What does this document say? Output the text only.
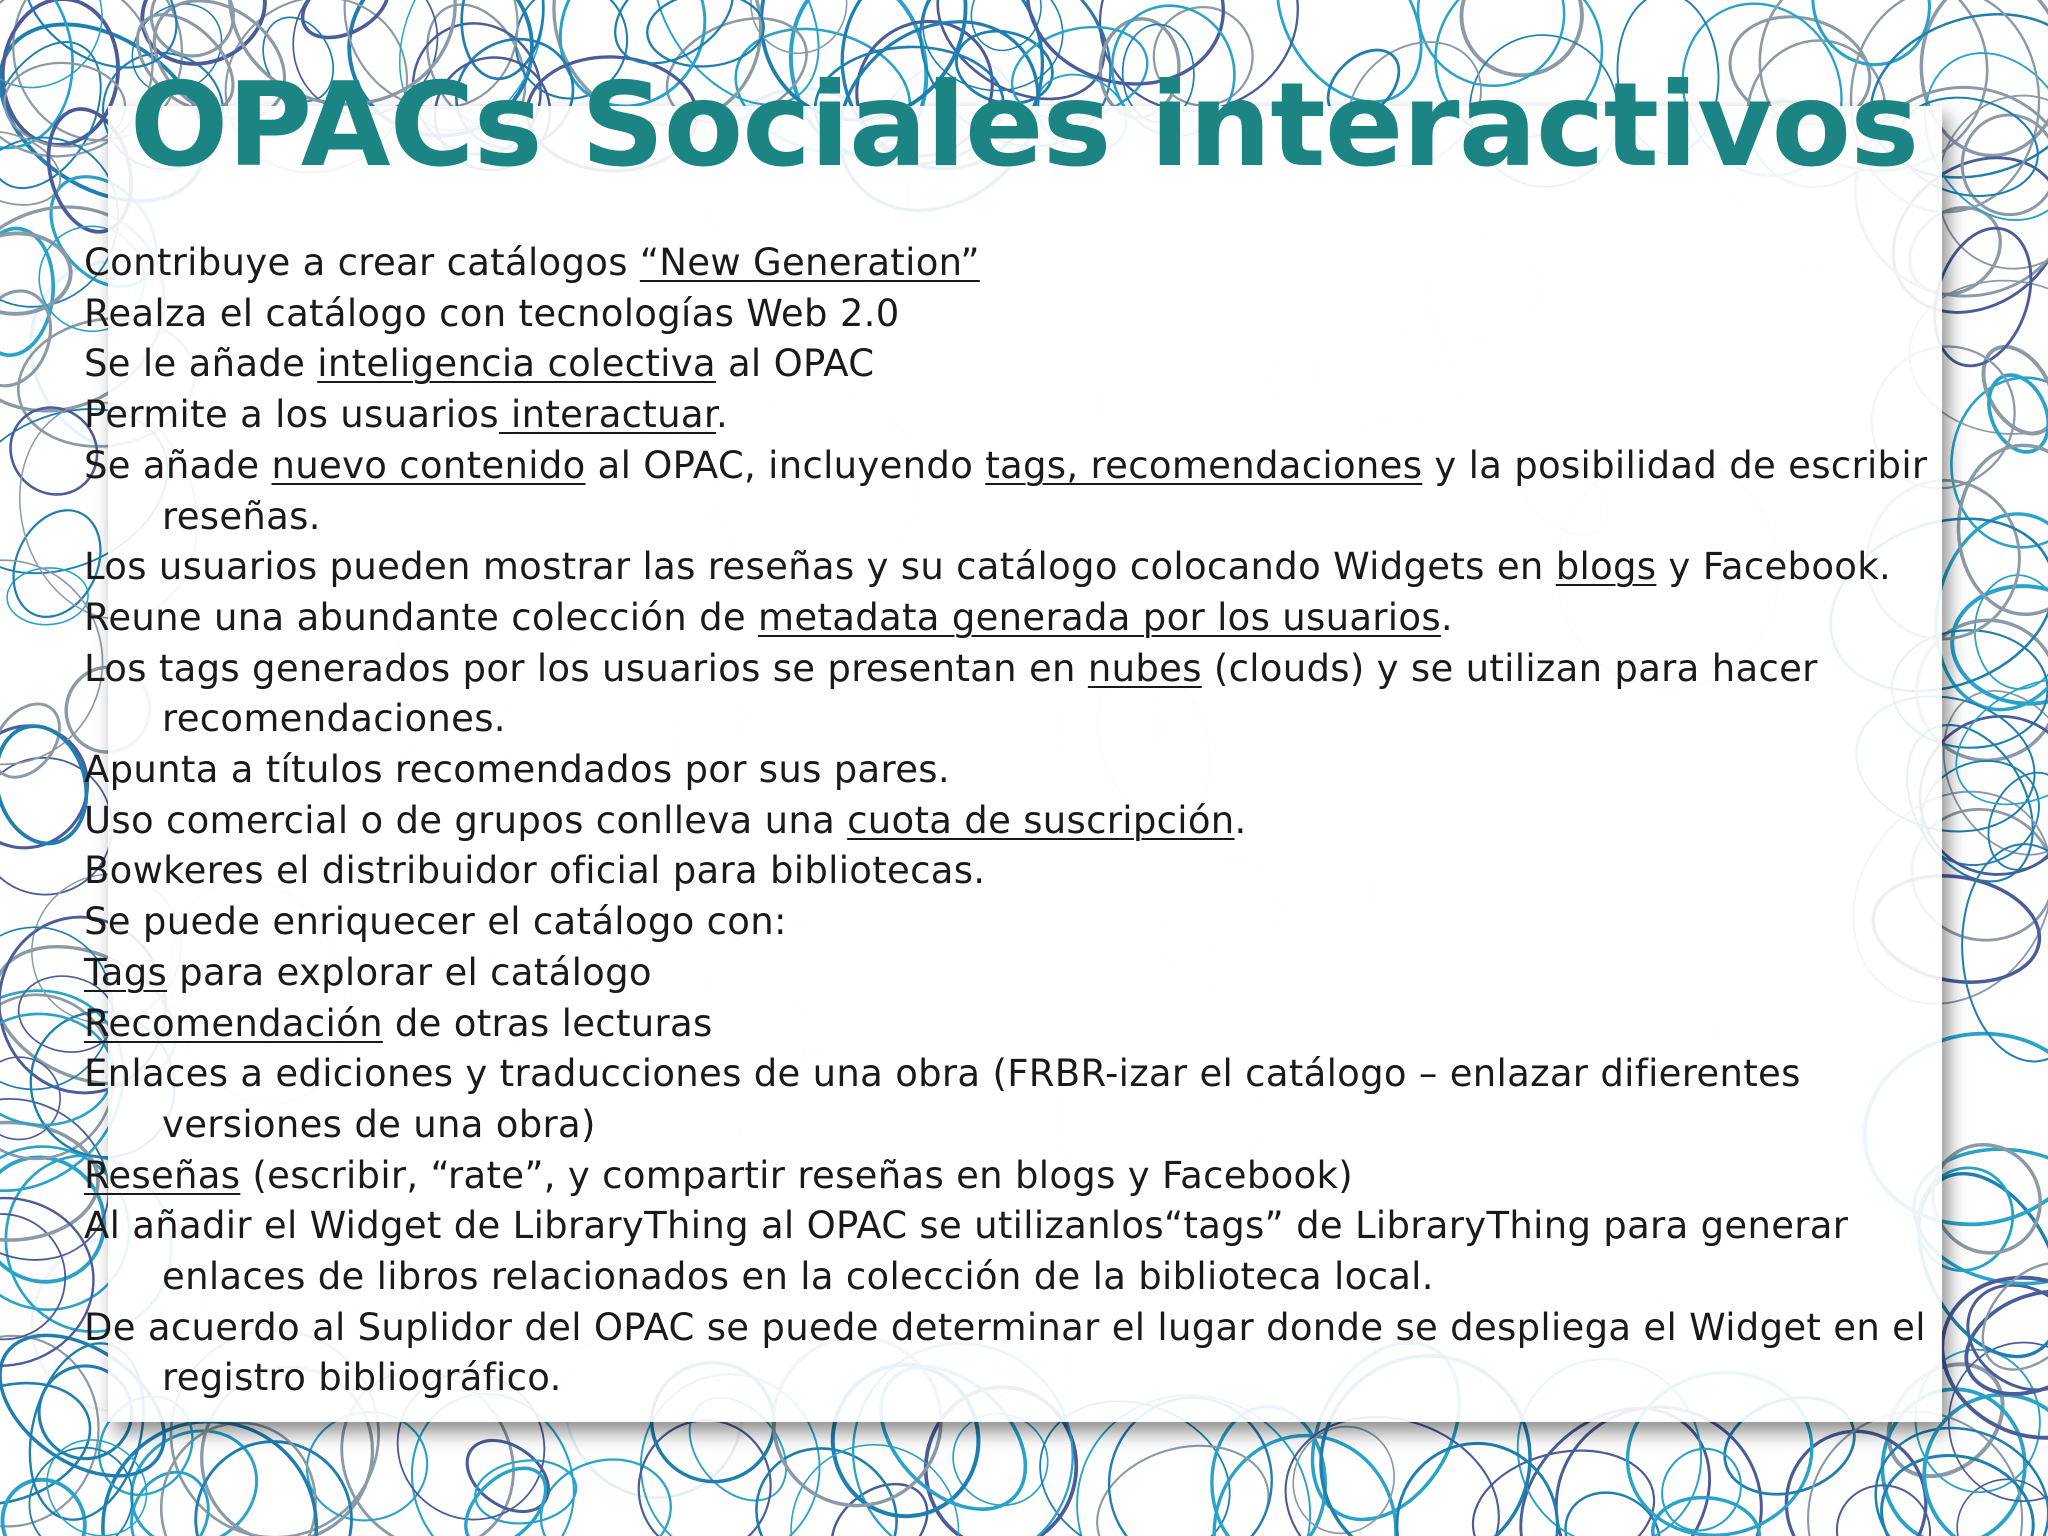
OPACs Sociales interactivos
Contribuye a crear catálogos “New Generation”
Realza el catálogo con tecnologías Web 2.0
Se le añade inteligencia colectiva al OPAC
Permite a los usuarios interactuar.
Se añade nuevo contenido al OPAC, incluyendo tags, recomendaciones y la posibilidad de escribir reseñas.
Los usuarios pueden mostrar las reseñas y su catálogo colocando Widgets en blogs y Facebook.
Reune una abundante colección de metadata generada por los usuarios.
Los tags generados por los usuarios se presentan en nubes (clouds) y se utilizan para hacer recomendaciones.
Apunta a títulos recomendados por sus pares.
Uso comercial o de grupos conlleva una cuota de suscripción.
Bowkeres el distribuidor oficial para bibliotecas.
Se puede enriquecer el catálogo con:
Tags para explorar el catálogo
Recomendación de otras lecturas
Enlaces a ediciones y traducciones de una obra (FRBR-izar el catálogo – enlazar difierentes versiones de una obra)
Reseñas (escribir, “rate”, y compartir reseñas en blogs y Facebook)
Al añadir el Widget de LibraryThing al OPAC se utilizanlos“tags” de LibraryThing para generar enlaces de libros relacionados en la colección de la biblioteca local.
De acuerdo al Suplidor del OPAC se puede determinar el lugar donde se despliega el Widget en el registro bibliográfico.
